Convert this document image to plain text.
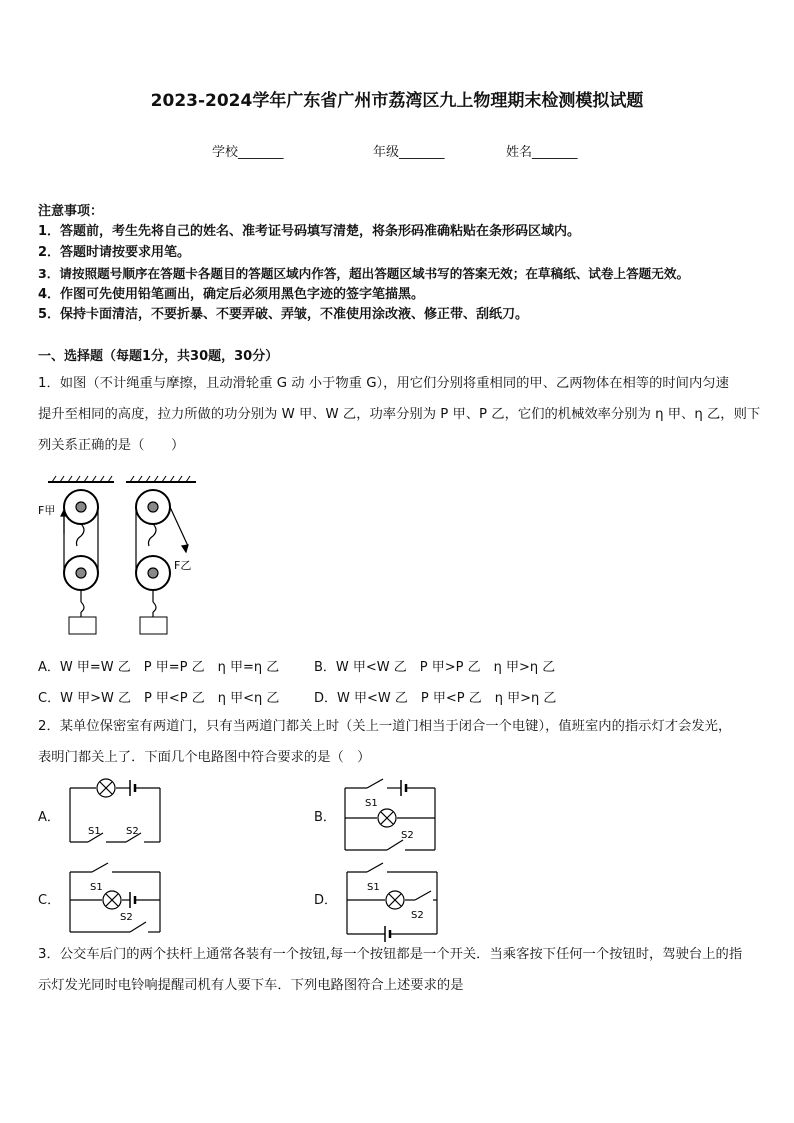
2023-2024学年广东省广州市荔湾区九上物理期末检测模拟试题
学校_______	年级_______	姓名_______
注意事项：
1．答题前，考生先将自己的姓名、准考证号码填写清楚，将条形码准确粘贴在条形码区域内。
2．答题时请按要求用笔。
3．请按照题号顺序在答题卡各题目的答题区域内作答，超出答题区域书写的答案无效；在草稿纸、试卷上答题无效。
4．作图可先使用铅笔画出，确定后必须用黑色字迹的签字笔描黑。
5．保持卡面清洁，不要折暴、不要弄破、弄皱，不准使用涂改液、修正带、刮纸刀。
一、选择题（每题1分，共30题，30分）
1．如图（不计绳重与摩擦，且动滑轮重 G 动 小于物重 G），用它们分别将重相同的甲、乙两物体在相等的时间内匀速
提升至相同的高度，拉力所做的功分别为 W 甲、W 乙，功率分别为 P 甲、P 乙，它们的机械效率分别为 η 甲、η 乙，则下
列关系正确的是（　　）
F甲
F乙
A．W 甲=W 乙　P 甲=P 乙　η 甲=η 乙	B．W 甲<W 乙　P 甲>P 乙　η 甲>η 乙
C．W 甲>W 乙　P 甲<P 乙　η 甲<η 乙	D．W 甲<W 乙　P 甲<P 乙　η 甲>η 乙
2．某单位保密室有两道门，只有当两道门都关上时（关上一道门相当于闭合一个电键），值班室内的指示灯才会发光，
表明门都关上了．下面几个电路图中符合要求的是（　）
A．
S1	S2
B．
S1
S2
C．
S1
S2
D．
S1
S2
3．公交车后门的两个扶杆上通常各装有一个按钮,每一个按钮都是一个开关．当乘客按下任何一个按钮时，驾驶台上的指
示灯发光同时电铃响提醒司机有人要下车．下列电路图符合上述要求的是
